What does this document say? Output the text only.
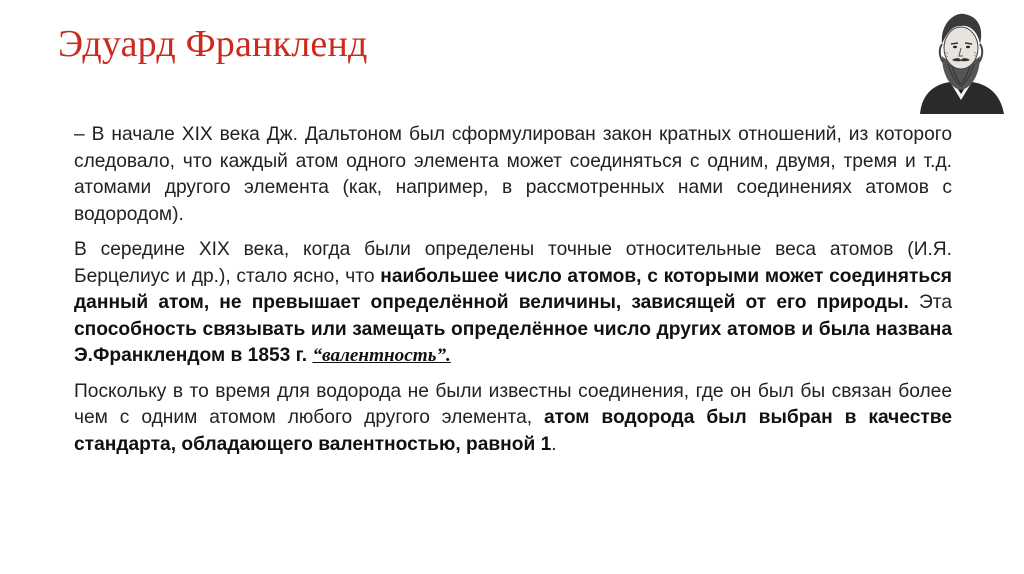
Эдуард Франкленд

– В начале XIX века Дж. Дальтоном был сформулирован закон кратных отношений, из которого следовало, что каждый атом одного элемента может соединяться с одним, двумя, тремя и т.д. атомами другого элемента (как, например, в рассмотренных нами соединениях атомов с водородом).

В середине XIX века, когда были определены точные относительные веса атомов (И.Я. Берцелиус и др.), стало ясно, что наибольшее число атомов, с которыми может соединяться данный атом, не превышает определённой величины, зависящей от его природы. Эта способность связывать или замещать определённое число других атомов и была названа Э.Франклендом в 1853 г. “валентность”.

Поскольку в то время для водорода не были известны соединения, где он был бы связан более чем с одним атомом любого другого элемента, атом водорода был выбран в качестве стандарта, обладающего валентностью, равной 1.
